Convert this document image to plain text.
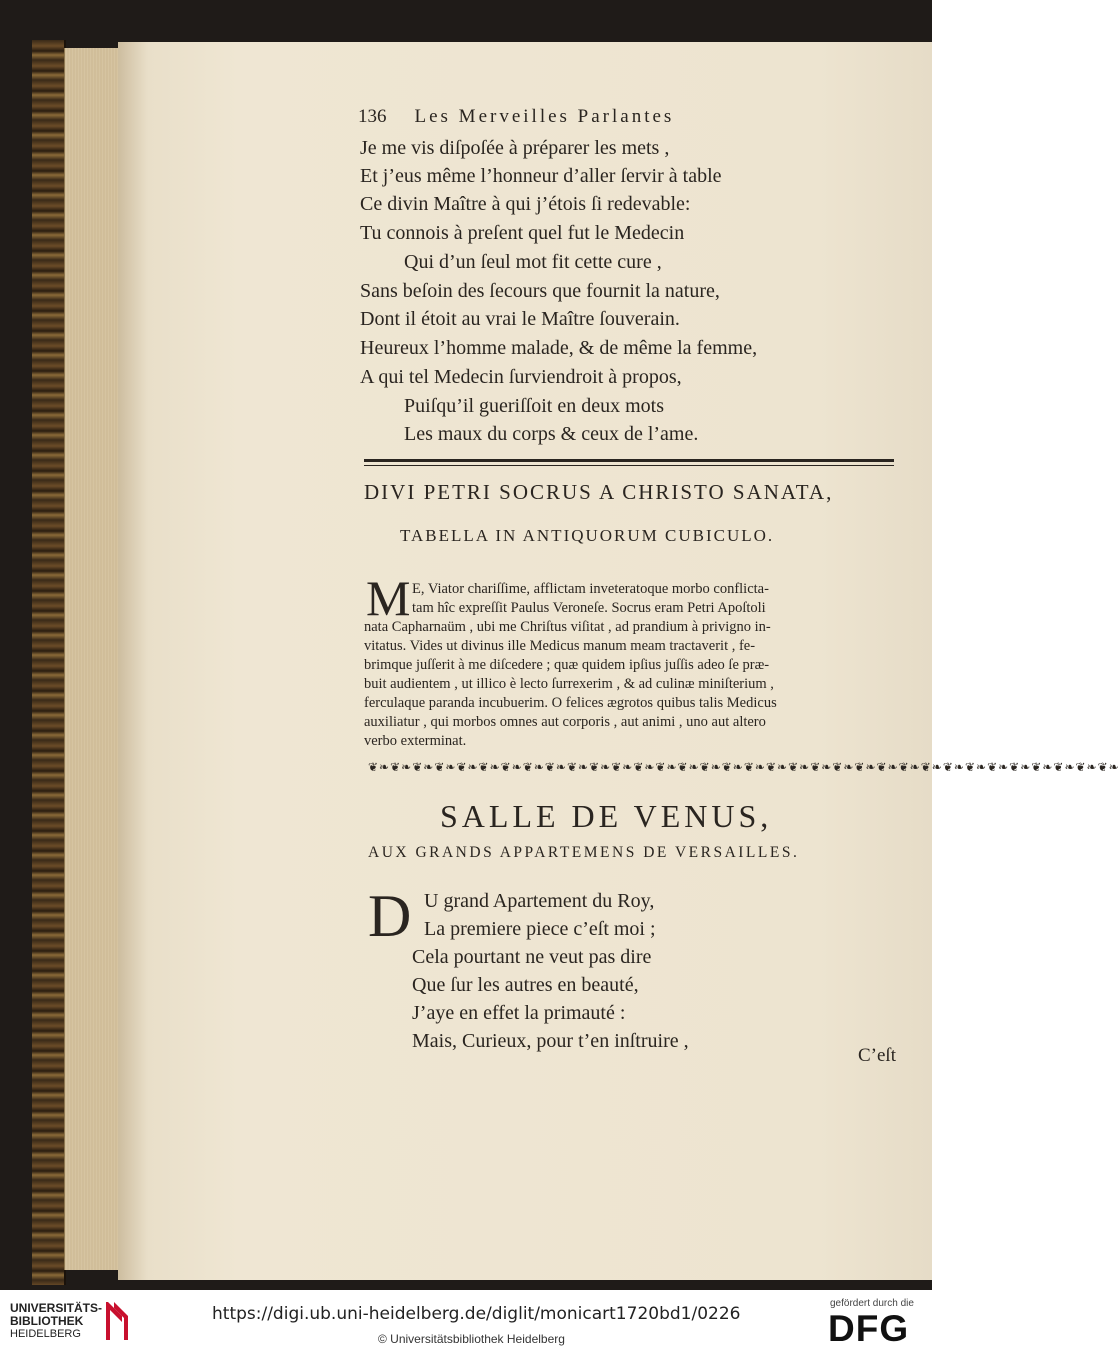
136 Les Merveilles Parlantes
Je me vis diſpoſée à préparer les mets ,
Et j’eus même l’honneur d’aller ſervir à table
Ce divin Maître à qui j’étois ſi redevable:
Tu connois à preſent quel fut le Medecin
Qui d’un ſeul mot fit cette cure ,
Sans beſoin des ſecours que fournit la nature,
Dont il étoit au vrai le Maître ſouverain.
Heureux l’homme malade, & de même la femme,
A qui tel Medecin ſurviendroit à propos,
Puiſqu’il gueriſſoit en deux mots
Les maux du corps & ceux de l’ame.
DIVI PETRI SOCRUS A CHRISTO SANATA,
TABELLA IN ANTIQUORUM CUBICULO.
M E, Viator chariſſime, afflictam inveteratoque morbo conflicta-
tam hîc expreſſit Paulus Veroneſe. Socrus eram Petri Apoſtoli
nata Capharnaüm , ubi me Chriſtus viſitat , ad prandium à privigno in-
vitatus. Vides ut divinus ille Medicus manum meam tractaverit , fe-
brimque juſſerit à me diſcedere ; quæ quidem ipſius juſſis adeo ſe præ-
buit audientem , ut illico è lecto ſurrexerim , & ad culinæ miniſterium ,
ferculaque paranda incubuerim. O felices ægrotos quibus talis Medicus
auxiliatur , qui morbos omnes aut corporis , aut animi , uno aut altero
verbo exterminat.
❦❧❦❧❦❧❦❧❦❧❦❧❦❧❦❧❦❧❦❧❦❧❦❧❦❧❦❧❦❧❦❧❦❧❦❧❦❧❦❧❦❧❦❧❦❧❦❧❦❧❦❧❦❧❦❧❦❧❦❧❦❧❦❧❦❧❦❧
SALLE DE VENUS,
AUX GRANDS APPARTEMENS DE VERSAILLES.
D U grand Apartement du Roy,
La premiere piece c’eſt moi ;
Cela pourtant ne veut pas dire
Que ſur les autres en beauté,
J’aye en effet la primauté :
Mais, Curieux, pour t’en inſtruire ,
C’eſt
UNIVERSITÄTS-
BIBLIOTHEK
HEIDELBERG
https://digi.ub.uni-heidelberg.de/diglit/monicart1720bd1/0226
© Universitätsbibliothek Heidelberg
gefördert durch die
DFG
